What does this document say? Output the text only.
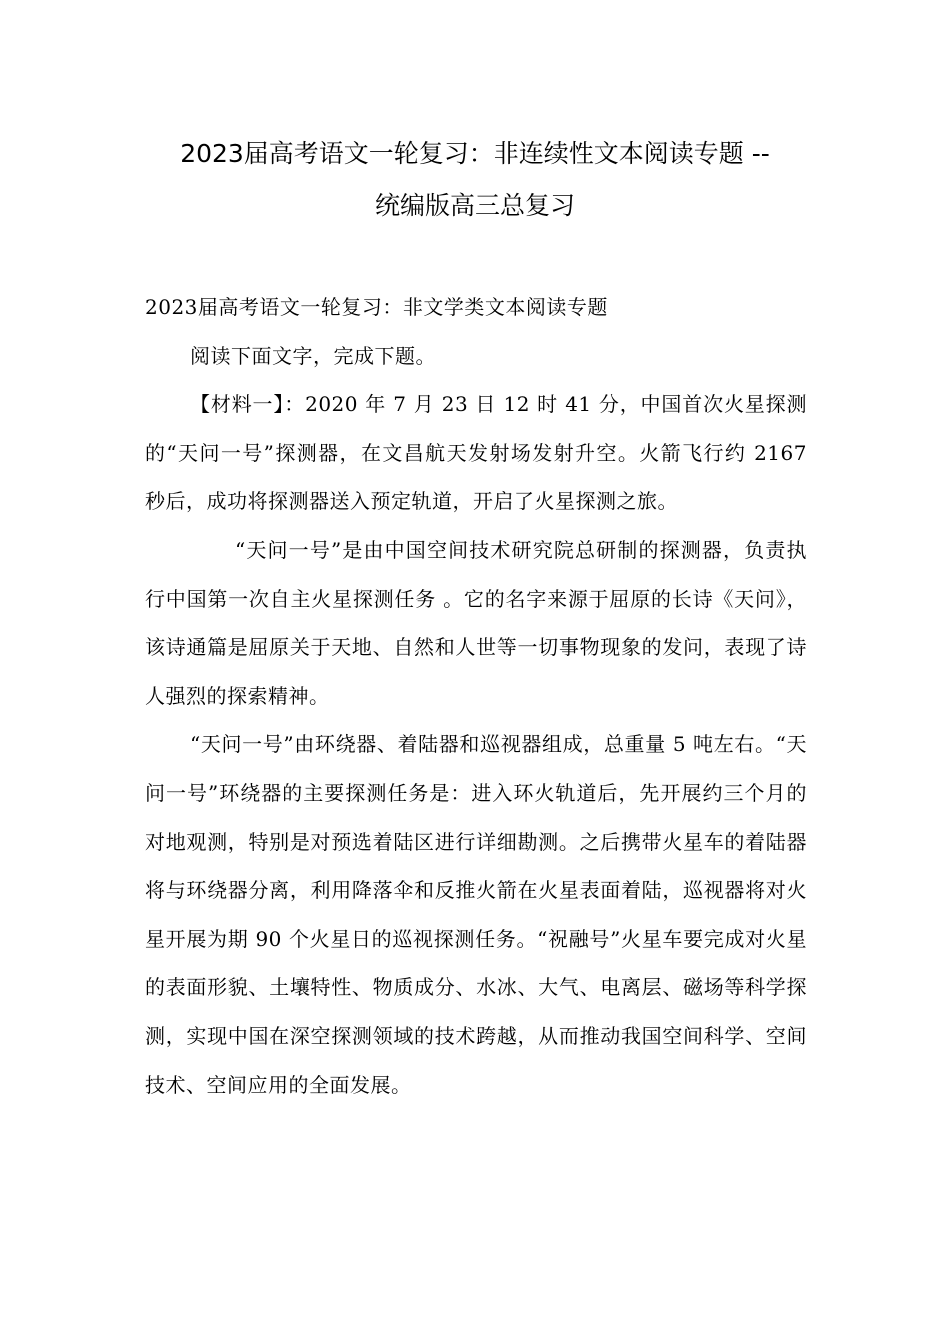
2023届高考语文一轮复习：非连续性文本阅读专题 --
统编版高三总复习

2023届高考语文一轮复习：非文学类文本阅读专题

阅读下面文字，完成下题。

【材料一】：2020 年 7 月 23 日 12 时 41 分，中国首次火星探测的“天问一号”探测器，在文昌航天发射场发射升空。火箭飞行约 2167 秒后，成功将探测器送入预定轨道，开启了火星探测之旅。

“天问一号”是由中国空间技术研究院总研制的探测器，负责执行中国第一次自主火星探测任务 。它的名字来源于屈原的长诗《天问》，该诗通篇是屈原关于天地、自然和人世等一切事物现象的发问，表现了诗人强烈的探索精神。

“天问一号”由环绕器、着陆器和巡视器组成，总重量 5 吨左右。“天问一号”环绕器的主要探测任务是：进入环火轨道后，先开展约三个月的对地观测，特别是对预选着陆区进行详细勘测。之后携带火星车的着陆器将与环绕器分离，利用降落伞和反推火箭在火星表面着陆，巡视器将对火星开展为期 90 个火星日的巡视探测任务。“祝融号”火星车要完成对火星的表面形貌、土壤特性、物质成分、水冰、大气、电离层、磁场等科学探测，实现中国在深空探测领域的技术跨越，从而推动我国空间科学、空间技术、空间应用的全面发展。
